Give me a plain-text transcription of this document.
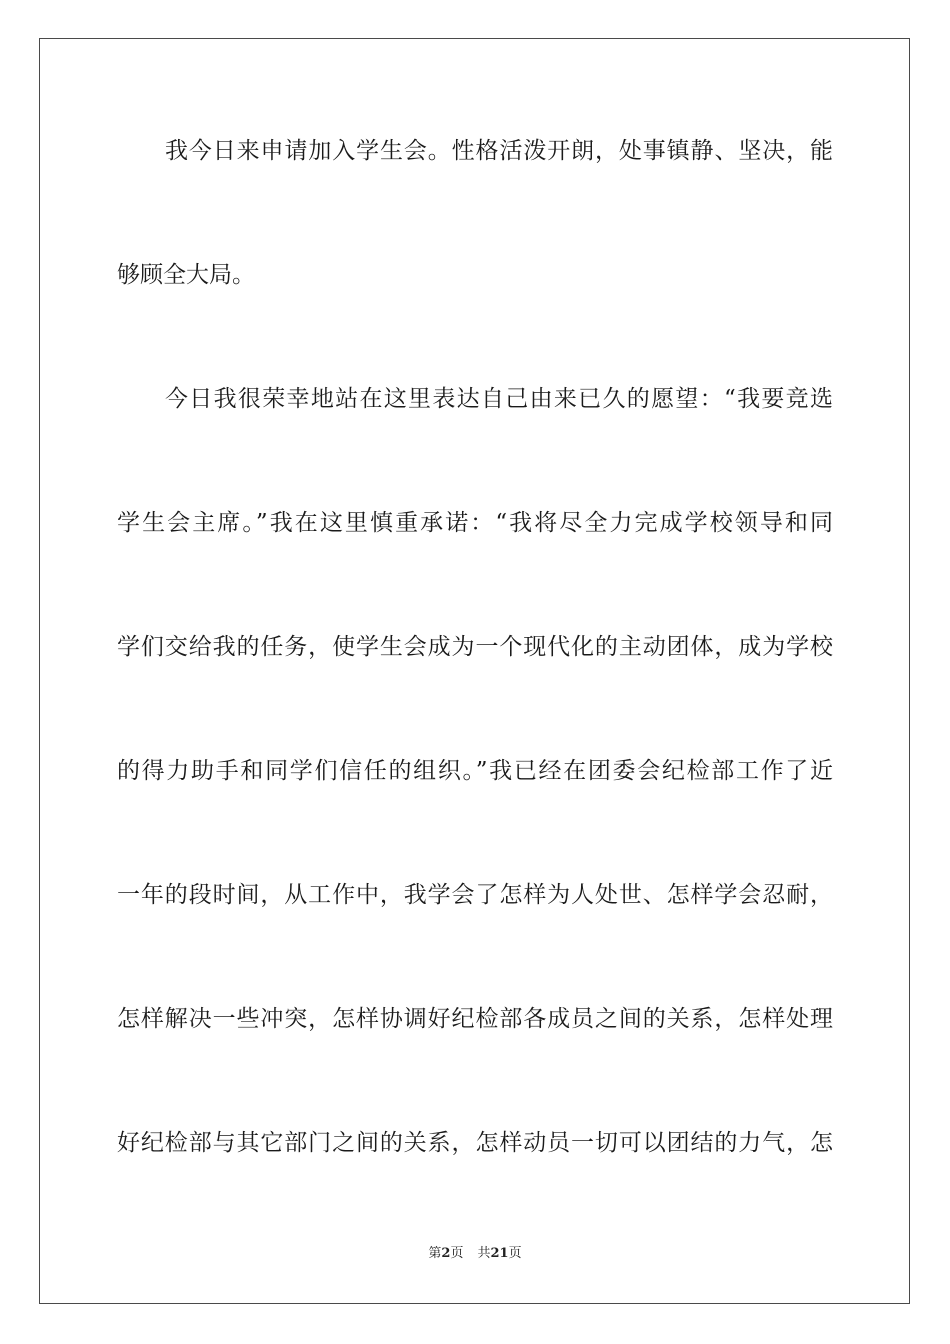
我今日来申请加入学生会。性格活泼开朗，处事镇静、坚决，能
够顾全大局。
今日我很荣幸地站在这里表达自己由来已久的愿望：“我要竞选
学生会主席。”我在这里慎重承诺：“我将尽全力完成学校领导和同
学们交给我的任务，使学生会成为一个现代化的主动团体，成为学校
的得力助手和同学们信任的组织。”我已经在团委会纪检部工作了近
一年的段时间，从工作中，我学会了怎样为人处世、怎样学会忍耐，
怎样解决一些冲突，怎样协调好纪检部各成员之间的关系，怎样处理
好纪检部与其它部门之间的关系，怎样动员一切可以团结的力气，怎
第2页 共21页
